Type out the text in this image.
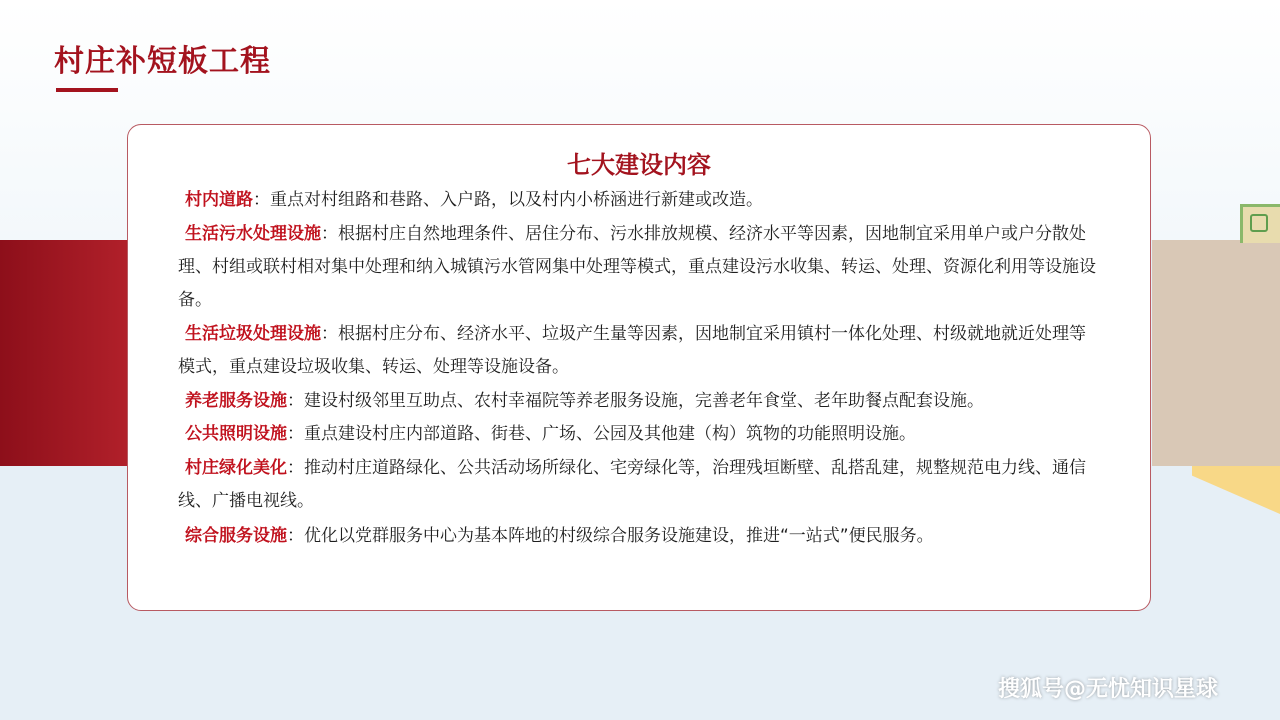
村庄补短板工程
七大建设内容

村内道路：重点对村组路和巷路、入户路，以及村内小桥涵进行新建或改造。

生活污水处理设施：根据村庄自然地理条件、居住分布、污水排放规模、经济水平等因素，因地制宜采用单户或户分散处理、村组或联村相对集中处理和纳入城镇污水管网集中处理等模式，重点建设污水收集、转运、处理、资源化利用等设施设备。

生活垃圾处理设施：根据村庄分布、经济水平、垃圾产生量等因素，因地制宜采用镇村一体化处理、村级就地就近处理等模式，重点建设垃圾收集、转运、处理等设施设备。

养老服务设施：建设村级邻里互助点、农村幸福院等养老服务设施，完善老年食堂、老年助餐点配套设施。

公共照明设施：重点建设村庄内部道路、街巷、广场、公园及其他建（构）筑物的功能照明设施。

村庄绿化美化：推动村庄道路绿化、公共活动场所绿化、宅旁绿化等，治理残垣断壁、乱搭乱建，规整规范电力线、通信线、广播电视线。

综合服务设施：优化以党群服务中心为基本阵地的村级综合服务设施建设，推进“一站式”便民服务。

搜狐号@无忧知识星球
